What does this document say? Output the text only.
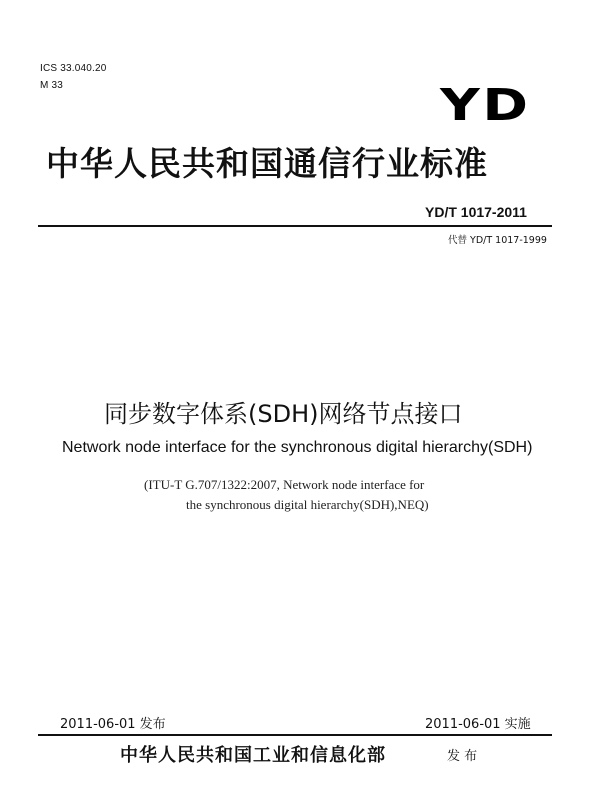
ICS 33.040.20
M 33	YD
中华人民共和国通信行业标准
YD/T 1017-2011
代替 YD/T 1017-1999
同步数字体系(SDH)网络节点接口
Network node interface for the synchronous digital hierarchy(SDH)
(ITU-T G.707/1322:2007, Network node interface for
the synchronous digital hierarchy(SDH),NEQ)
2011-06-01 发布	2011-06-01 实施
中华人民共和国工业和信息化部	发 布
